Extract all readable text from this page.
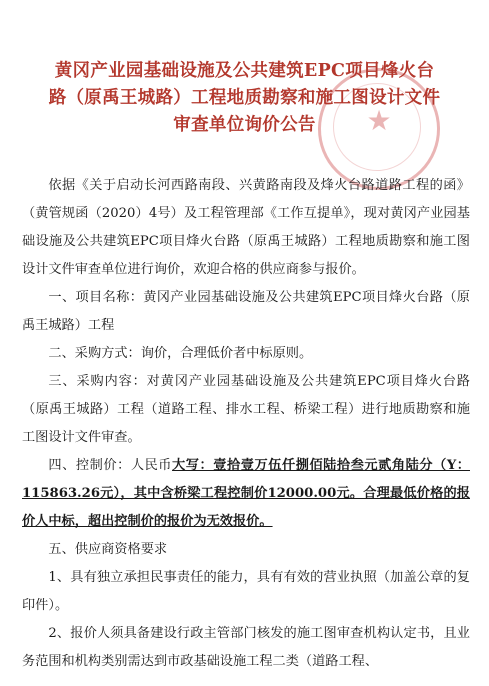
★
黄冈产业园基础设施及公共建筑EPC项目烽火台
路（原禹王城路）工程地质勘察和施工图设计文件
审查单位询价公告

依据《关于启动长河西路南段、兴黄路南段及烽火台路道路工程的函》（黄管规函（2020）4号）及工程管理部《工作互提单》，现对黄冈产业园基础设施及公共建筑EPC项目烽火台路（原禹王城路）工程地质勘察和施工图设计文件审查单位进行询价，欢迎合格的供应商参与报价。

一、项目名称：黄冈产业园基础设施及公共建筑EPC项目烽火台路（原禹王城路）工程

二、采购方式：询价，合理低价者中标原则。

三、采购内容：对黄冈产业园基础设施及公共建筑EPC项目烽火台路（原禹王城路）工程（道路工程、排水工程、桥梁工程）进行地质勘察和施工图设计文件审查。

四、控制价：人民币大写：壹拾壹万伍仟捌佰陆拾叁元贰角陆分（Y：115863.26元），其中含桥梁工程控制价12000.00元。合理最低价格的报价人中标，超出控制价的报价为无效报价。

五、供应商资格要求

1、具有独立承担民事责任的能力，具有有效的营业执照（加盖公章的复印件）。

2、报价人须具备建设行政主管部门核发的施工图审查机构认定书，且业务范围和机构类别需达到市政基础设施工程二类（道路工程、
